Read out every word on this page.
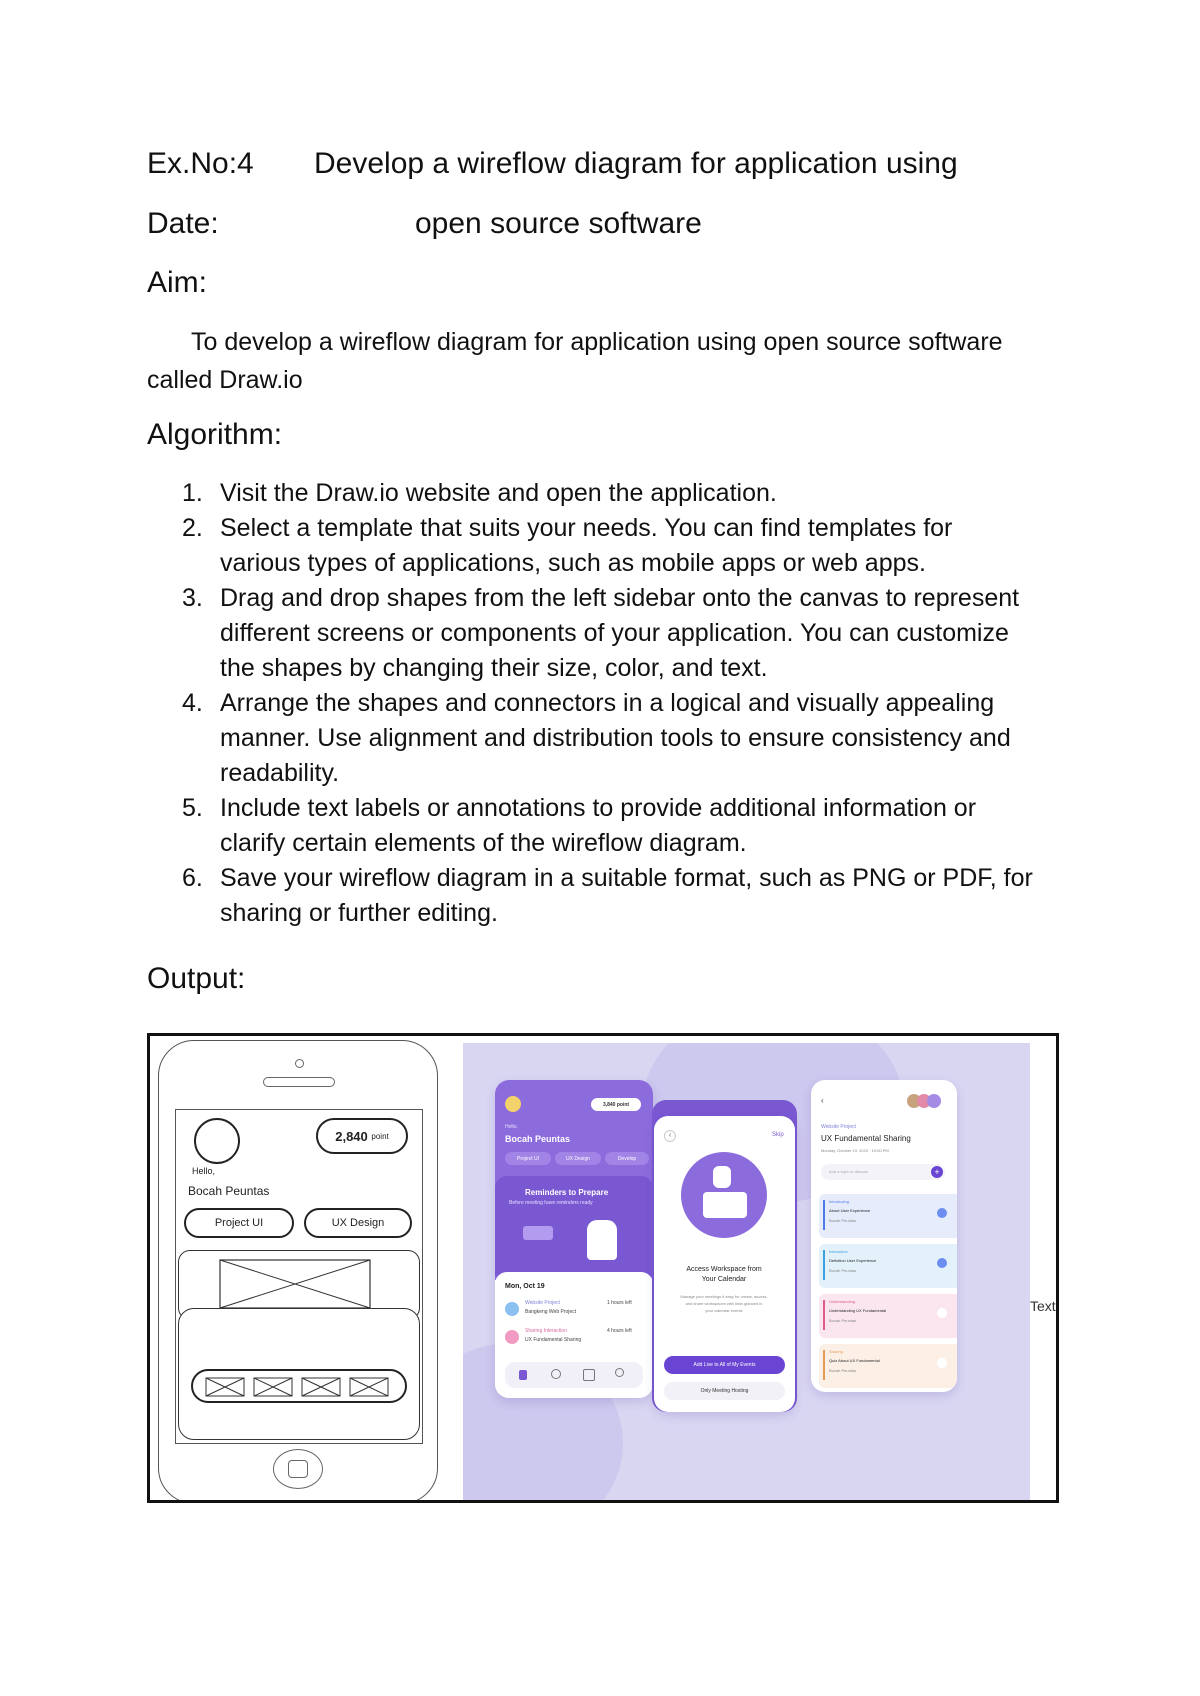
Ex.No:4 Develop a wireflow diagram for application using
Date:	open source software
Aim:
To develop a wireflow diagram for application using open source software
called Draw.io
Algorithm:
1. Visit the Draw.io website and open the application.
2. Select a template that suits your needs. You can find templates for
various types of applications, such as mobile apps or web apps.
3. Drag and drop shapes from the left sidebar onto the canvas to represent
different screens or components of your application. You can customize
the shapes by changing their size, color, and text.
4. Arrange the shapes and connectors in a logical and visually appealing
manner. Use alignment and distribution tools to ensure consistency and
readability.
5. Include text labels or annotations to provide additional information or
clarify certain elements of the wireflow diagram.
6. Save your wireflow diagram in a suitable format, such as PNG or PDF, for
sharing or further editing.
Output:
2,840
point
Hello,
Bocah Peuntas
Project UI	UX Design
3,840 point
Hello,
Bocah Peuntas
Project UI	UX Design	Develop
Reminders to Prepare
Before meeting have reminders ready
Mon, Oct 19
Website Project
Bangkeng Web Project
1 hours left
Sharing Interaction
UX Fundamental Sharing
4 hours left
‹	Skip
Access Workspace from
Your Calendar
Manage your meetings it easy for create, access,
and share workspaces with links glanced in
your calendar events
Add Live to All of My Events
Only Meeting Hosting
‹
Website Project
UX Fundamental Sharing
Monday, October 19, 2020 · 10:00 PM
Add a topic to discuss	+
Introducing
About User Experience
Bocah Peuntas
Interaction
Definition User Experience
Bocah Peuntas
Understanding
Understanding UX Fundamental
Bocah Peuntas
Sharing
Quiz About UX Fundamental
Bocah Peuntas
Text
